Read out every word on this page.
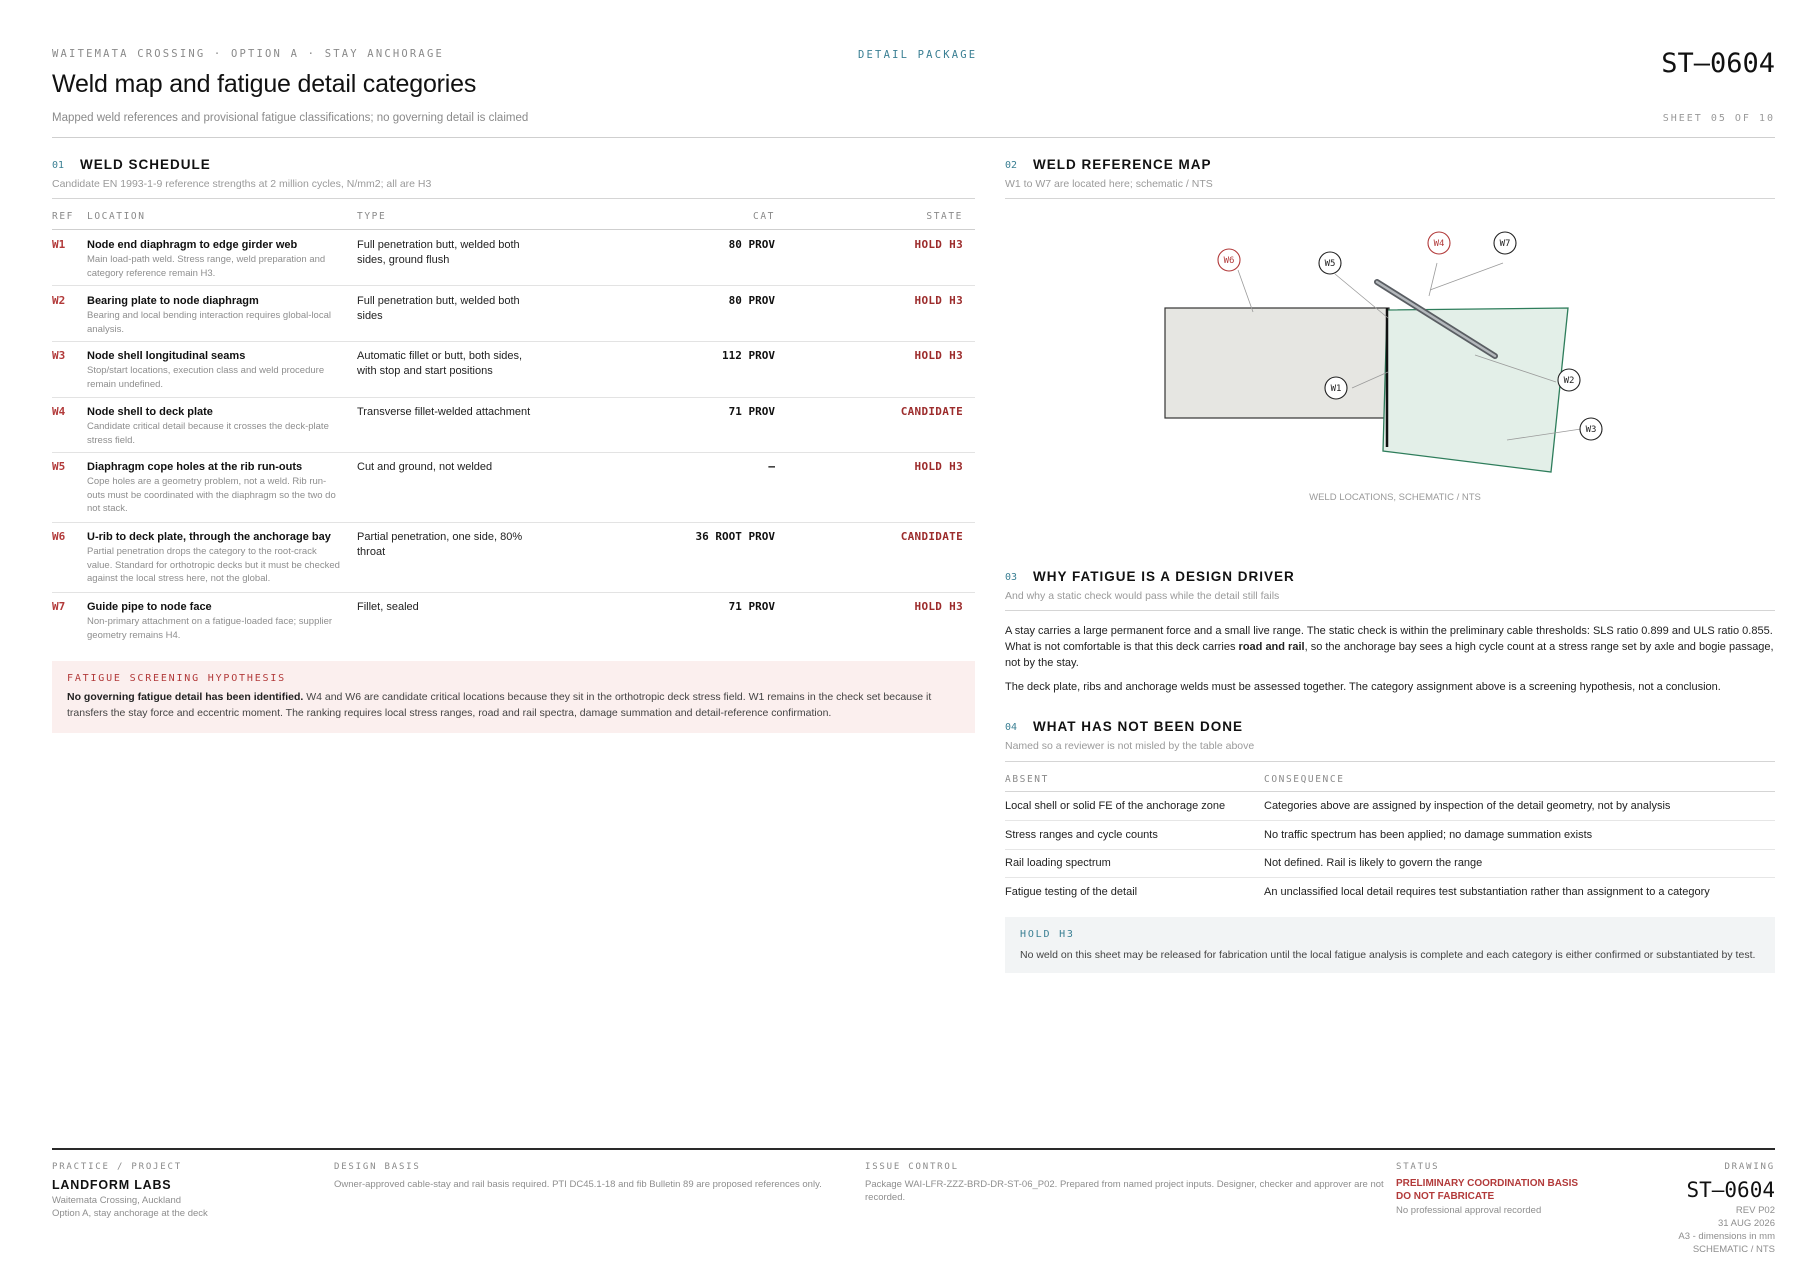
WAITEMATA CROSSING · OPTION A · STAY ANCHORAGE	DETAIL PACKAGE
Weld map and fatigue detail categories
Mapped weld references and provisional fatigue classifications; no governing detail is claimed
ST–0604
SHEET 05 OF 10
01 WELD SCHEDULE
Candidate EN 1993-1-9 reference strengths at 2 million cycles, N/mm2; all are H3
REF LOCATION	TYPE	CAT	STATE
W1 Node end diaphragm to edge girder web
Main load-path weld. Stress range, weld preparation and category reference remain H3.
Full penetration butt, welded both sides, ground flush
80 PROV	HOLD H3
W2 Bearing plate to node diaphragm
Bearing and local bending interaction requires global-local analysis.
Full penetration butt, welded both sides
80 PROV	HOLD H3
W3 Node shell longitudinal seams
Stop/start locations, execution class and weld procedure remain undefined.
Automatic fillet or butt, both sides, with stop and start positions
112 PROV	HOLD H3
W4 Node shell to deck plate
Candidate critical detail because it crosses the deck-plate stress field.
Transverse fillet-welded attachment	71 PROV	CANDIDATE
W5 Diaphragm cope holes at the rib run-outs
Cope holes are a geometry problem, not a weld. Rib run-outs must be coordinated with the diaphragm so the two do not stack.
Cut and ground, not welded	–	HOLD H3
W6 U-rib to deck plate, through the anchorage bay
Partial penetration drops the category to the root-crack value. Standard for orthotropic decks but it must be checked against the local stress here, not the global.
Partial penetration, one side, 80% throat
36 ROOT PROV	CANDIDATE
W7 Guide pipe to node face
Non-primary attachment on a fatigue-loaded face; supplier geometry remains H4.
Fillet, sealed	71 PROV	HOLD H3
FATIGUE SCREENING HYPOTHESIS
No governing fatigue detail has been identified. W4 and W6 are candidate critical locations because they sit in the orthotropic deck stress field. W1 remains in the check set because it transfers the stay force and eccentric moment. The ranking requires local stress ranges, road and rail spectra, damage summation and detail-reference confirmation.
02 WELD REFERENCE MAP
W1 to W7 are located here; schematic / NTS
W6	W5
W4	W7
W1
W2
W3
WELD LOCATIONS, SCHEMATIC / NTS
03 WHY FATIGUE IS A DESIGN DRIVER
And why a static check would pass while the detail still fails
A stay carries a large permanent force and a small live range. The static check is within the preliminary cable thresholds: SLS ratio 0.899 and ULS ratio 0.855. What is not comfortable is that this deck carries road and rail, so the anchorage bay sees a high cycle count at a stress range set by axle and bogie passage, not by the stay.
The deck plate, ribs and anchorage welds must be assessed together. The category assignment above is a screening hypothesis, not a conclusion.
04 WHAT HAS NOT BEEN DONE
Named so a reviewer is not misled by the table above
ABSENT	CONSEQUENCE
Local shell or solid FE of the anchorage zone	Categories above are assigned by inspection of the detail geometry, not by analysis
Stress ranges and cycle counts	No traffic spectrum has been applied; no damage summation exists
Rail loading spectrum	Not defined. Rail is likely to govern the range
Fatigue testing of the detail	An unclassified local detail requires test substantiation rather than assignment to a category
HOLD H3
No weld on this sheet may be released for fabrication until the local fatigue analysis is complete and each category is either confirmed or substantiated by test.
PRACTICE / PROJECT
LANDFORM LABS
Waitemata Crossing, Auckland
Option A, stay anchorage at the deck
DESIGN BASIS
Owner-approved cable-stay and rail basis required. PTI DC45.1-18 and fib Bulletin 89 are proposed references only.
ISSUE CONTROL
Package WAI-LFR-ZZZ-BRD-DR-ST-06_P02. Prepared from named project inputs. Designer, checker and approver are not recorded.
STATUS
PRELIMINARY COORDINATION BASIS
DO NOT FABRICATE
No professional approval recorded
DRAWING
ST–0604
REV P02
31 AUG 2026
A3 - dimensions in mm
SCHEMATIC / NTS
